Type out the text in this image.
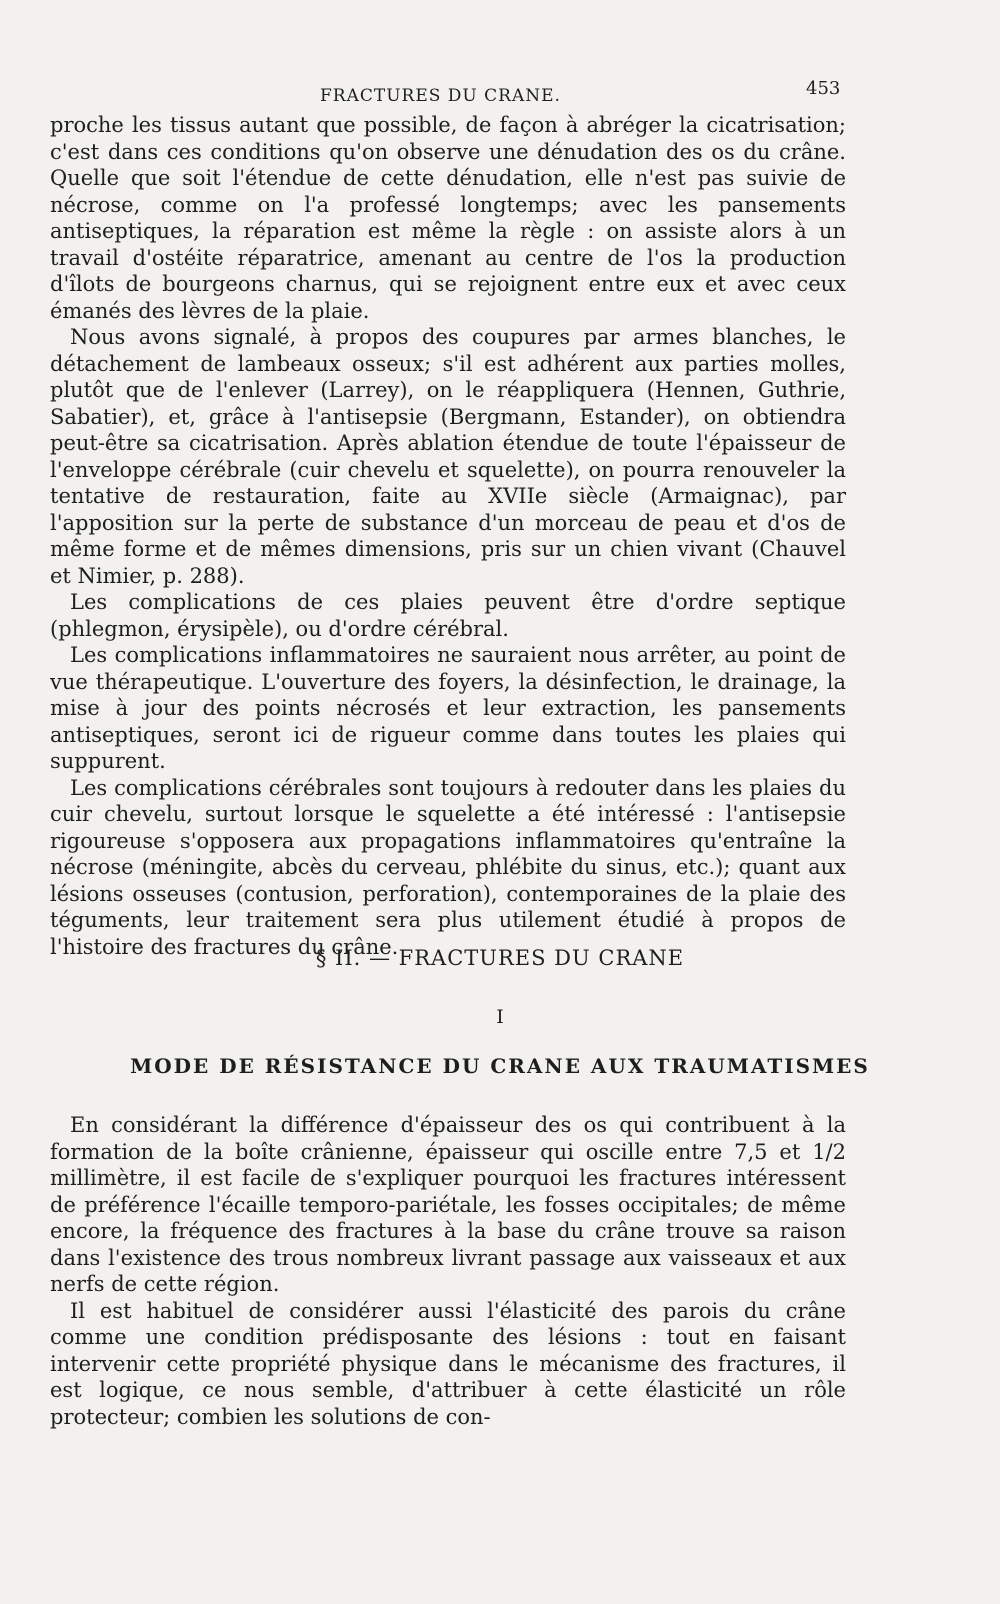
FRACTURES DU CRANE.	453

proche les tissus autant que possible, de façon à abréger la cicatrisation; c'est dans ces conditions qu'on observe une dénudation des os du crâne. Quelle que soit l'étendue de cette dénudation, elle n'est pas suivie de nécrose, comme on l'a professé longtemps; avec les pansements antiseptiques, la réparation est même la règle : on assiste alors à un travail d'ostéite réparatrice, amenant au centre de l'os la production d'îlots de bourgeons charnus, qui se rejoignent entre eux et avec ceux émanés des lèvres de la plaie.

Nous avons signalé, à propos des coupures par armes blanches, le détachement de lambeaux osseux; s'il est adhérent aux parties molles, plutôt que de l'enlever (Larrey), on le réappliquera (Hennen, Guthrie, Sabatier), et, grâce à l'antisepsie (Bergmann, Estander), on obtiendra peut-être sa cicatrisation. Après ablation étendue de toute l'épaisseur de l'enveloppe cérébrale (cuir chevelu et squelette), on pourra renouveler la tentative de restauration, faite au XVIIe siècle (Armaignac), par l'apposition sur la perte de substance d'un morceau de peau et d'os de même forme et de mêmes dimensions, pris sur un chien vivant (Chauvel et Nimier, p. 288).

Les complications de ces plaies peuvent être d'ordre septique (phlegmon, érysipèle), ou d'ordre cérébral.

Les complications inflammatoires ne sauraient nous arrêter, au point de vue thérapeutique. L'ouverture des foyers, la désinfection, le drainage, la mise à jour des points nécrosés et leur extraction, les pansements antiseptiques, seront ici de rigueur comme dans toutes les plaies qui suppurent.

Les complications cérébrales sont toujours à redouter dans les plaies du cuir chevelu, surtout lorsque le squelette a été intéressé : l'antisepsie rigoureuse s'opposera aux propagations inflammatoires qu'entraîne la nécrose (méningite, abcès du cerveau, phlébite du sinus, etc.); quant aux lésions osseuses (contusion, perforation), contemporaines de la plaie des téguments, leur traitement sera plus utilement étudié à propos de l'histoire des fractures du crâne.

§ II. — FRACTURES DU CRANE
I
MODE DE RÉSISTANCE DU CRANE AUX TRAUMATISMES

En considérant la différence d'épaisseur des os qui contribuent à la formation de la boîte crânienne, épaisseur qui oscille entre 7,5 et 1/2 millimètre, il est facile de s'expliquer pourquoi les fractures intéressent de préférence l'écaille temporo-pariétale, les fosses occipitales; de même encore, la fréquence des fractures à la base du crâne trouve sa raison dans l'existence des trous nombreux livrant passage aux vaisseaux et aux nerfs de cette région.

Il est habituel de considérer aussi l'élasticité des parois du crâne comme une condition prédisposante des lésions : tout en faisant intervenir cette propriété physique dans le mécanisme des fractures, il est logique, ce nous semble, d'attribuer à cette élasticité un rôle protecteur; combien les solutions de con-
